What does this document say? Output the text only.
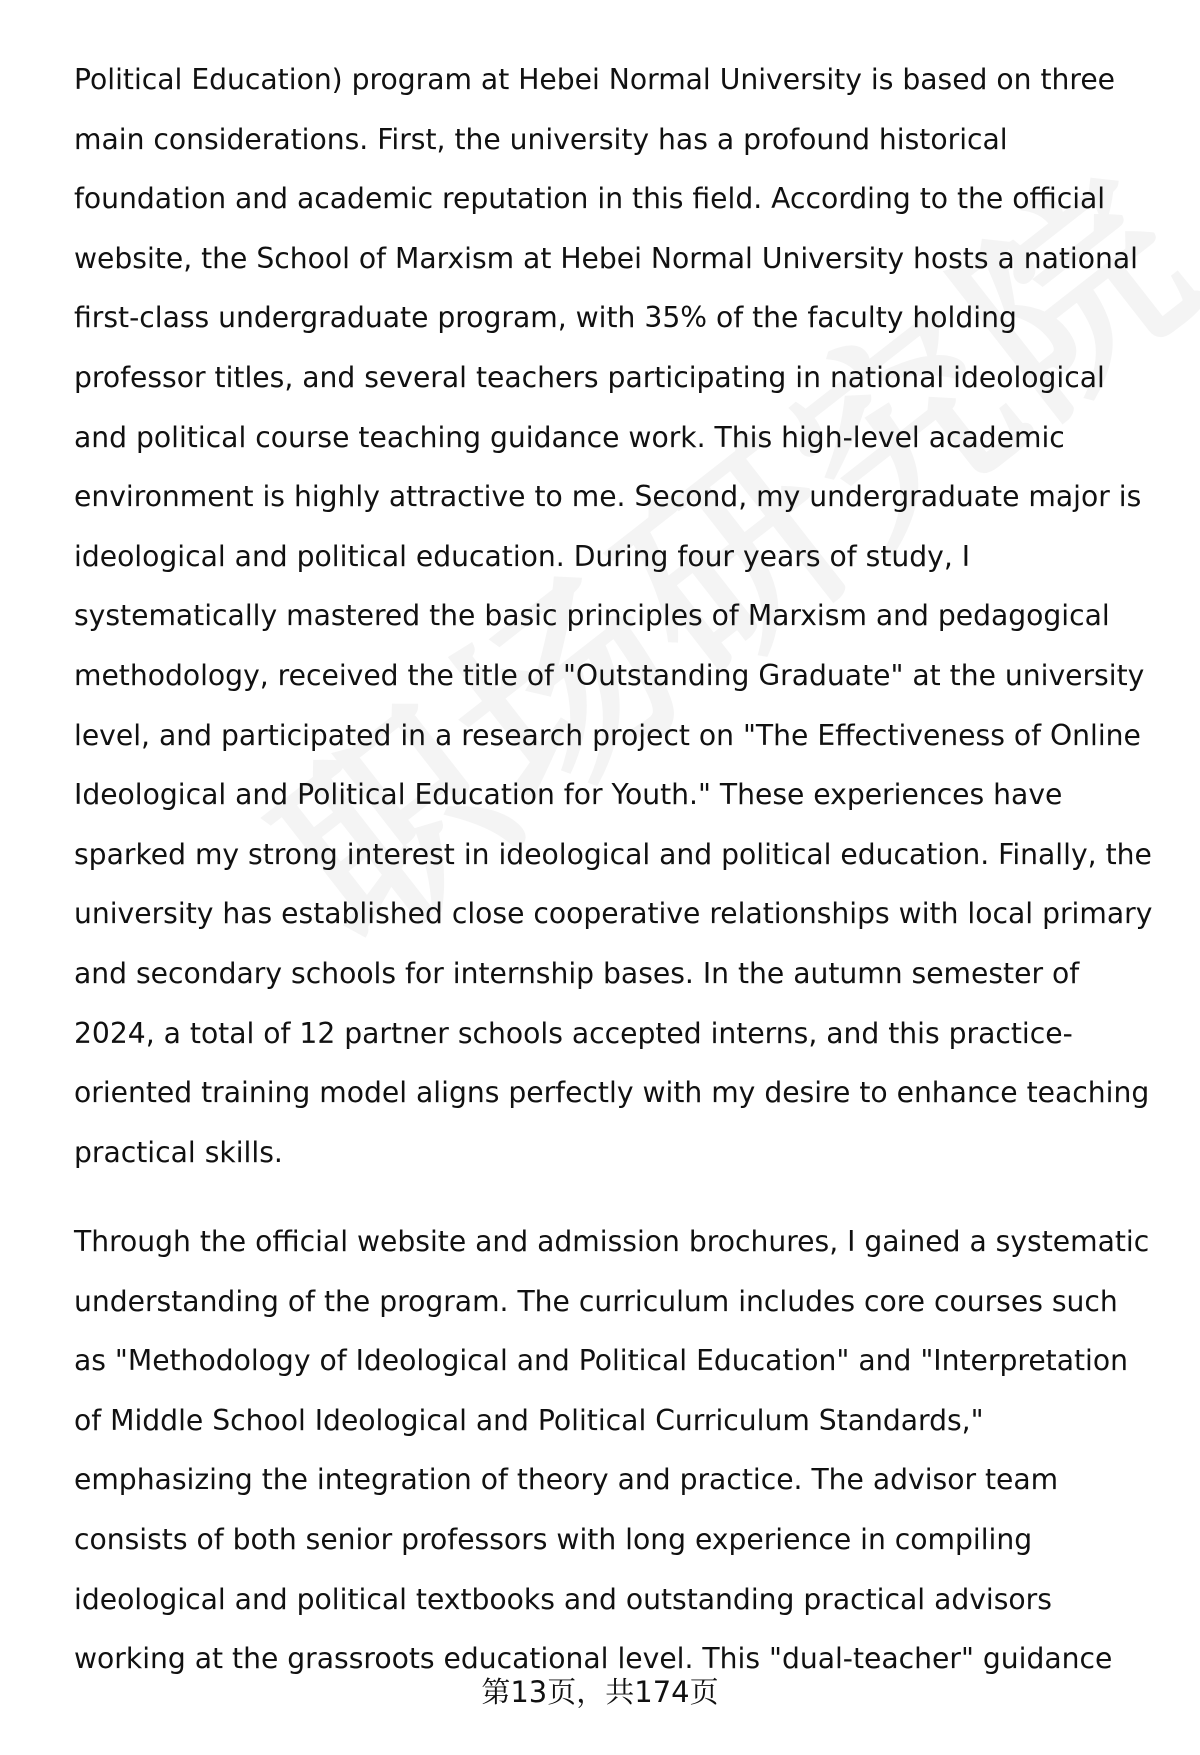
Political Education) program at Hebei Normal University is based on three
main considerations. First, the university has a profound historical
foundation and academic reputation in this field. According to the official
website, the School of Marxism at Hebei Normal University hosts a national
first-class undergraduate program, with 35% of the faculty holding
professor titles, and several teachers participating in national ideological
and political course teaching guidance work. This high-level academic
environment is highly attractive to me. Second, my undergraduate major is
ideological and political education. During four years of study, I
systematically mastered the basic principles of Marxism and pedagogical
methodology, received the title of "Outstanding Graduate" at the university
level, and participated in a research project on "The Effectiveness of Online
Ideological and Political Education for Youth." These experiences have
sparked my strong interest in ideological and political education. Finally, the
university has established close cooperative relationships with local primary
and secondary schools for internship bases. In the autumn semester of
2024, a total of 12 partner schools accepted interns, and this practice-
oriented training model aligns perfectly with my desire to enhance teaching
practical skills.
Through the official website and admission brochures, I gained a systematic
understanding of the program. The curriculum includes core courses such
as "Methodology of Ideological and Political Education" and "Interpretation
of Middle School Ideological and Political Curriculum Standards,"
emphasizing the integration of theory and practice. The advisor team
consists of both senior professors with long experience in compiling
ideological and political textbooks and outstanding practical advisors
working at the grassroots educational level. This "dual-teacher" guidance
第13页，共174页
